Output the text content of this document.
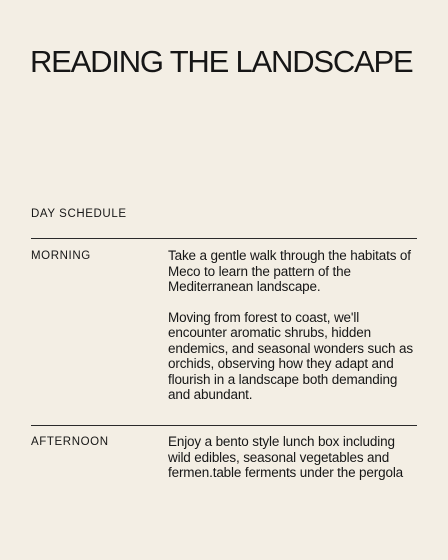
READING THE LANDSCAPE
DAY SCHEDULE
MORNING	Take a gentle walk through the habitats of Meco to learn the pattern of the Mediterranean landscape.

Moving from forest to coast, we'll encounter aromatic shrubs, hidden endemics, and seasonal wonders such as orchids, observing how they adapt and flourish in a landscape both demanding and abundant.

AFTERNOON	Enjoy a bento style lunch box including wild edibles, seasonal vegetables and fermen.table ferments under the pergola
